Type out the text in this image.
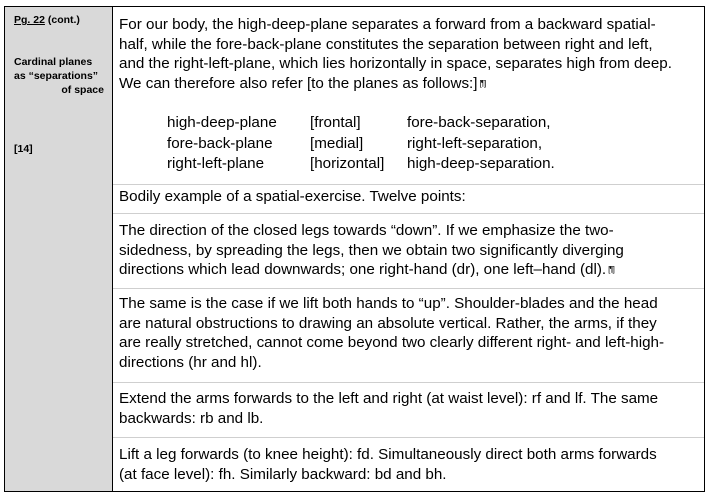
Pg. 22 (cont.)
Cardinal planes
as “separations”
of space
[14]
For our body, the high-deep-plane separates a forward from a backward spatial-
half, while the fore-back-plane constitutes the separation between right and left,
and the right-left-plane, which lies horizontally in space, separates high from deep.
We can therefore also refer [to the planes as follows:] [¶]
high-deep-plane	[frontal]	fore-back-separation,
fore-back-plane	[medial]	right-left-separation,
right-left-plane	[horizontal]	high-deep-separation.
Bodily example of a spatial-exercise. Twelve points:
The direction of the closed legs towards “down”. If we emphasize the two-
sidedness, by spreading the legs, then we obtain two significantly diverging
directions which lead downwards; one right-hand (dr), one left–hand (dl). [¶]
The same is the case if we lift both hands to “up”. Shoulder-blades and the head
are natural obstructions to drawing an absolute vertical. Rather, the arms, if they
are really stretched, cannot come beyond two clearly different right- and left-high-
directions (hr and hl).
Extend the arms forwards to the left and right (at waist level): rf and lf. The same
backwards: rb and lb.
Lift a leg forwards (to knee height): fd. Simultaneously direct both arms forwards
(at face level): fh. Similarly backward: bd and bh.
